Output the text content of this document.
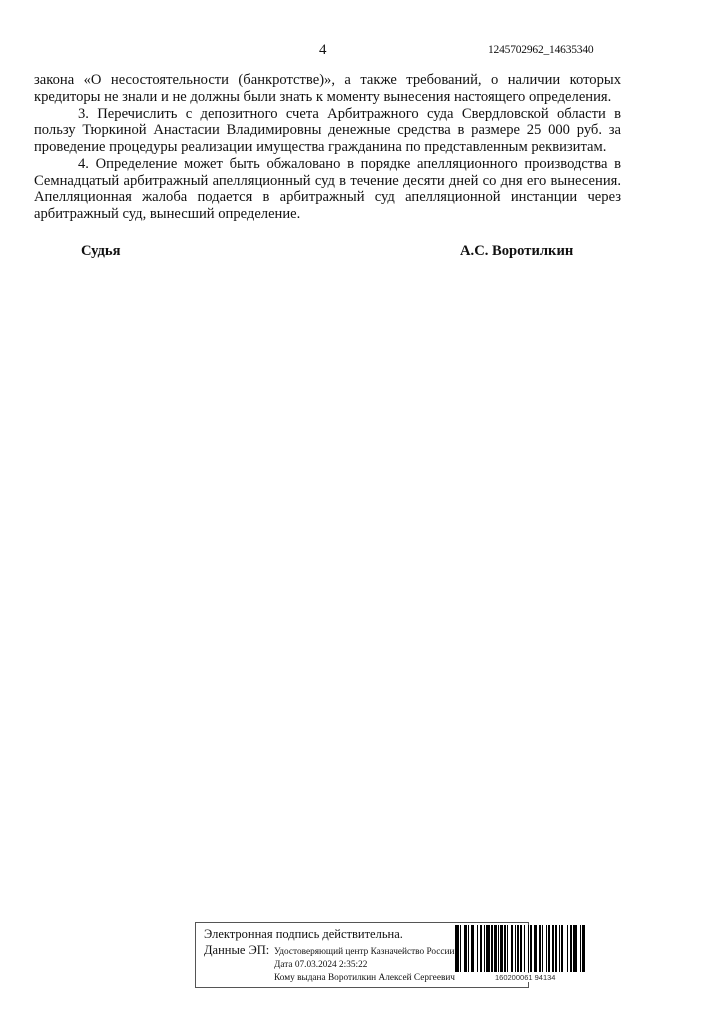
4	1245702962_14635340

закона «О несостоятельности (банкротстве)», а также требований, о наличии которых кредиторы не знали и не должны были знать к моменту вынесения настоящего определения.

3. Перечислить с депозитного счета Арбитражного суда Свердловской области в пользу Тюркиной Анастасии Владимировны денежные средства в размере 25 000 руб. за проведение процедуры реализации имущества гражданина по представленным реквизитам.

4. Определение может быть обжаловано в порядке апелляционного производства в Семнадцатый арбитражный апелляционный суд в течение десяти дней со дня его вынесения. Апелляционная жалоба подается в арбитражный суд апелляционной инстанции через арбитражный суд, вынесший определение.

Судья	А.С. Воротилкин
Электронная подпись действительна.
Данные ЭП: Удостоверяющий центр Казначейство России
Дата 07.03.2024 2:35:22
Кому выдана Воротилкин Алексей Сергеевич	160200061 94134
